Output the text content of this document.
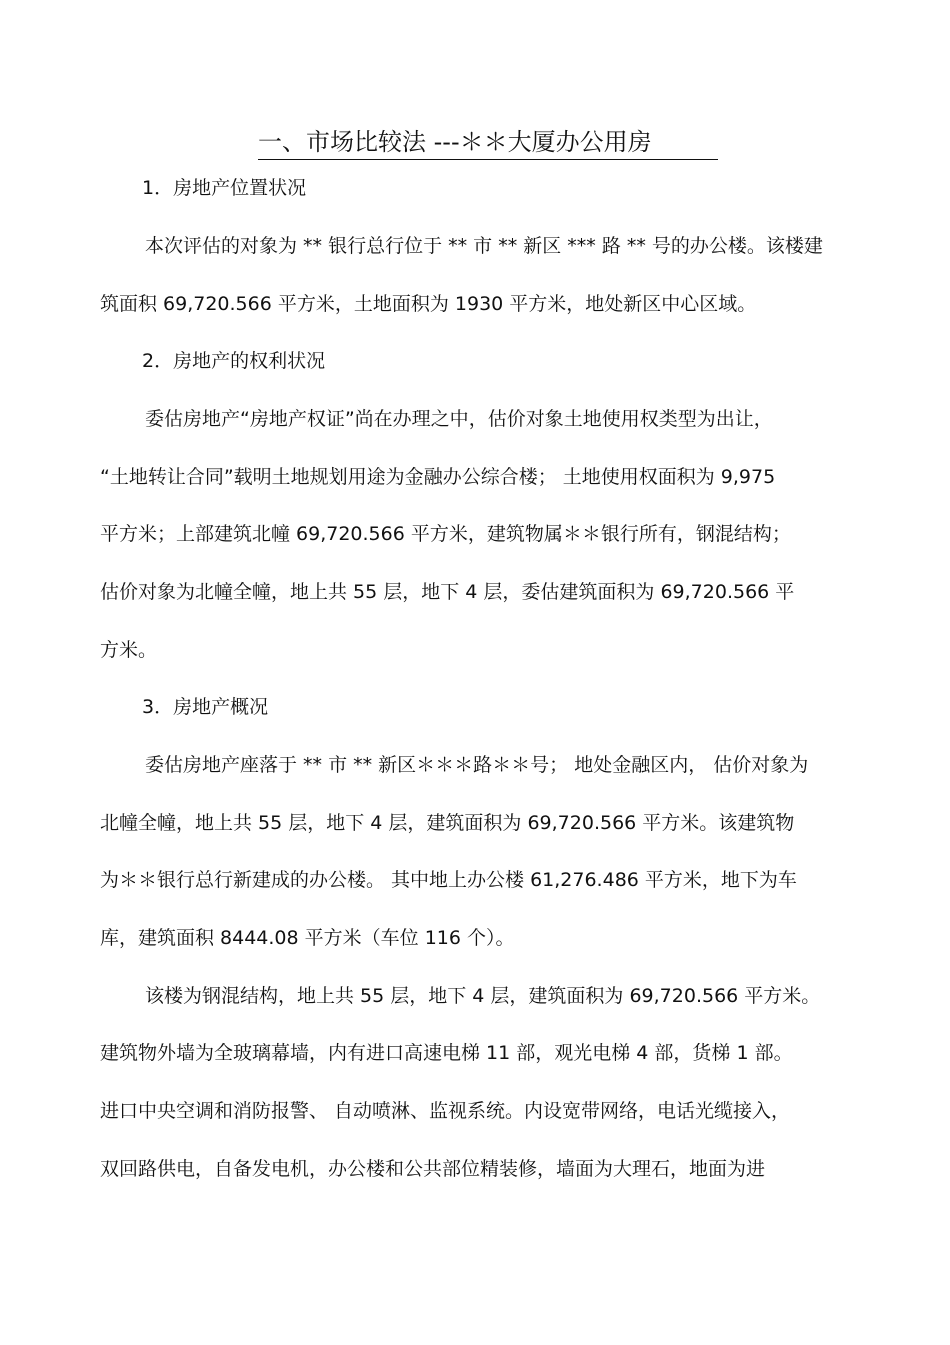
一、市场比较法 ---＊＊大厦办公用房
1．房地产位置状况
本次评估的对象为 ** 银行总行位于 ** 市 ** 新区 *** 路 ** 号的办公楼。该楼建
筑面积 69,720.566 平方米，土地面积为 1930 平方米，地处新区中心区域。
2．房地产的权利状况
委估房地产“房地产权证”尚在办理之中，估价对象土地使用权类型为出让，
“土地转让合同”载明土地规划用途为金融办公综合楼； 土地使用权面积为 9,975
平方米；上部建筑北幢 69,720.566 平方米，建筑物属＊＊银行所有，钢混结构；
估价对象为北幢全幢，地上共 55 层，地下 4 层，委估建筑面积为 69,720.566 平
方米。
3．房地产概况
委估房地产座落于 ** 市 ** 新区＊＊＊路＊＊号； 地处金融区内， 估价对象为
北幢全幢，地上共 55 层，地下 4 层，建筑面积为 69,720.566 平方米。该建筑物
为＊＊银行总行新建成的办公楼。 其中地上办公楼 61,276.486 平方米，地下为车
库，建筑面积 8444.08 平方米（车位 116 个）。
该楼为钢混结构，地上共 55 层，地下 4 层，建筑面积为 69,720.566 平方米。
建筑物外墙为全玻璃幕墙，内有进口高速电梯 11 部，观光电梯 4 部，货梯 1 部。
进口中央空调和消防报警、 自动喷淋、监视系统。内设宽带网络，电话光缆接入，
双回路供电，自备发电机，办公楼和公共部位精装修，墙面为大理石，地面为进
